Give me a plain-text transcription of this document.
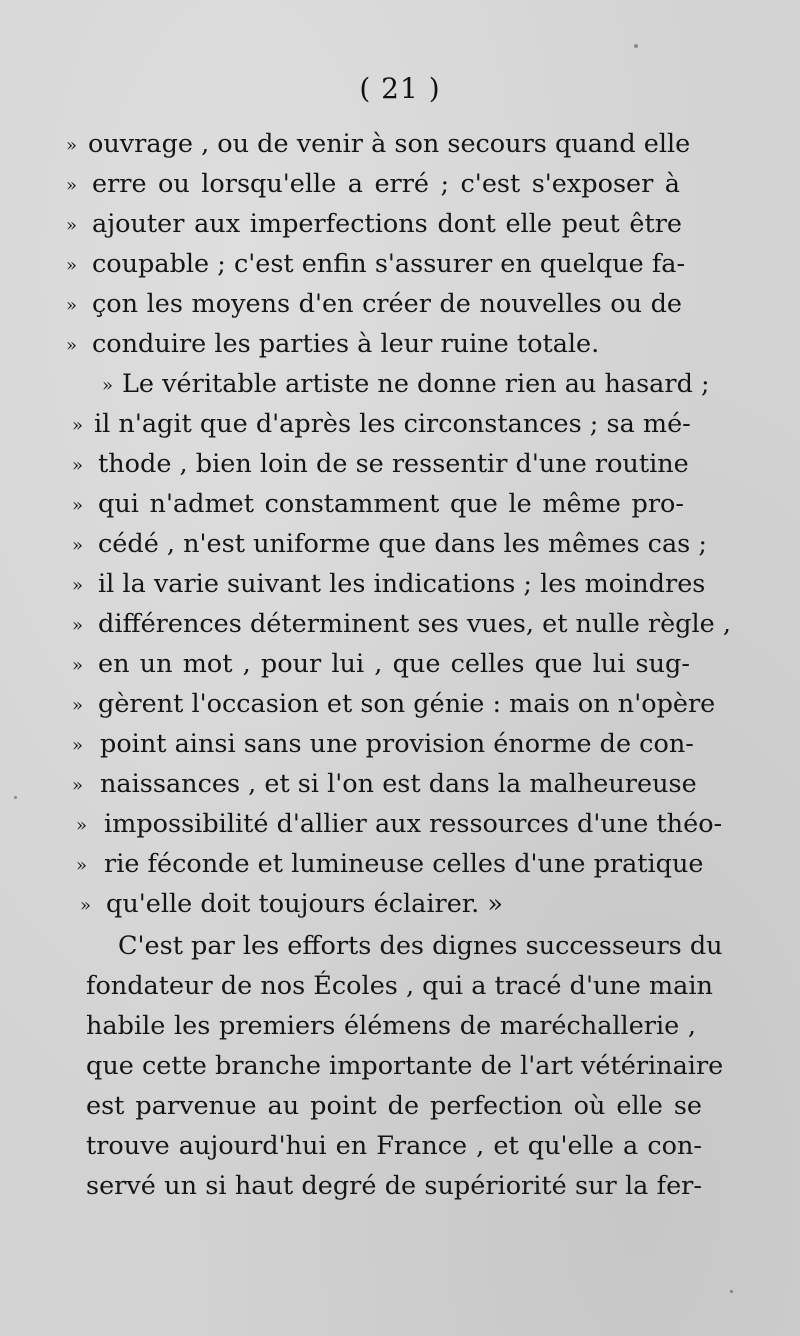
( 21 )
» ouvrage , ou de venir à son secours quand elle
» erre ou lorsqu'elle a erré ; c'est s'exposer à
» ajouter aux imperfections dont elle peut être
» coupable ; c'est enfin s'assurer en quelque fa-
» çon les moyens d'en créer de nouvelles ou de
» conduire les parties à leur ruine totale.
» Le véritable artiste ne donne rien au hasard ;
» il n'agit que d'après les circonstances ; sa mé-
» thode , bien loin de se ressentir d'une routine
» qui n'admet constamment que le même pro-
» cédé , n'est uniforme que dans les mêmes cas ;
» il la varie suivant les indications ; les moindres
» différences déterminent ses vues, et nulle règle ,
» en un mot , pour lui , que celles que lui sug-
» gèrent l'occasion et son génie : mais on n'opère
» point ainsi sans une provision énorme de con-
» naissances , et si l'on est dans la malheureuse
» impossibilité d'allier aux ressources d'une théo-
» rie féconde et lumineuse celles d'une pratique
» qu'elle doit toujours éclairer. »
C'est par les efforts des dignes successeurs du
fondateur de nos Écoles , qui a tracé d'une main
habile les premiers élémens de maréchallerie ,
que cette branche importante de l'art vétérinaire
est parvenue au point de perfection où elle se
trouve aujourd'hui en France , et qu'elle a con-
servé un si haut degré de supériorité sur la fer-
